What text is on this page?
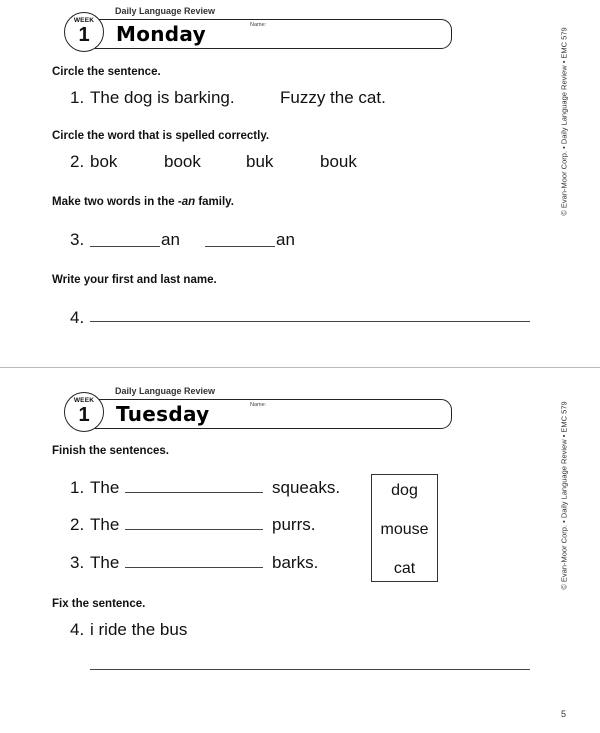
Daily Language Review
WEEK
1	Monday	Name:
© Evan-Moor Corp. • Daily Language Review • EMC 579
Circle the sentence.
1. The dog is barking.	Fuzzy the cat.
Circle the word that is spelled correctly.
2. bok	book	buk	bouk
Make two words in the -an family.
3.	an	an
Write your first and last name.
4.
Daily Language Review
WEEK
1	Tuesday	Name:	© Evan-Moor Corp. • Daily Language Review • EMC 579
Finish the sentences.
1. The	squeaks.
2. The	purrs.
3. The	barks.
dog
mouse
cat
Fix the sentence.
4. i ride the bus
5
